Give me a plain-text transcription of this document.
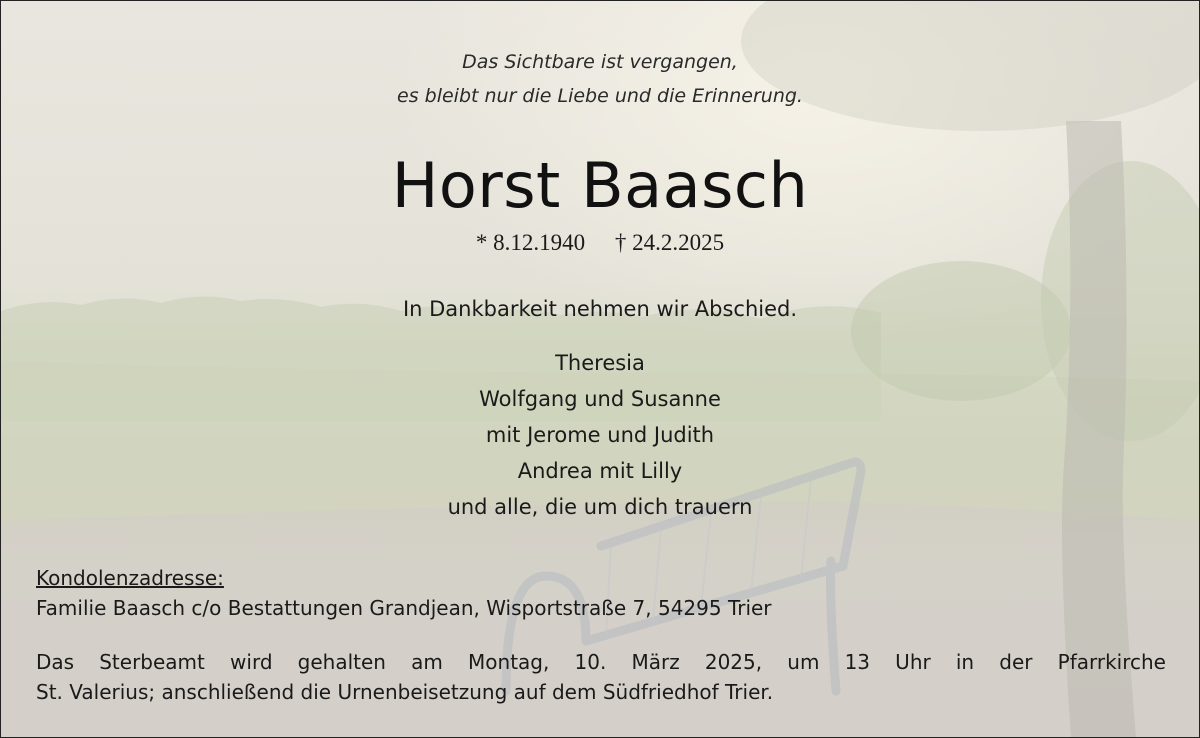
Das Sichtbare ist vergangen,
es bleibt nur die Liebe und die Erinnerung.
Horst Baasch
* 8.12.1940 † 24.2.2025
In Dankbarkeit nehmen wir Abschied.
Theresia
Wolfgang und Susanne
mit Jerome und Judith
Andrea mit Lilly
und alle, die um dich trauern
Kondolenzadresse:
Familie Baasch c/o Bestattungen Grandjean, Wisportstraße 7, 54295 Trier
Das Sterbeamt wird gehalten am Montag, 10. März 2025, um 13 Uhr in der Pfarrkirche
St. Valerius; anschließend die Urnenbeisetzung auf dem Südfriedhof Trier.
